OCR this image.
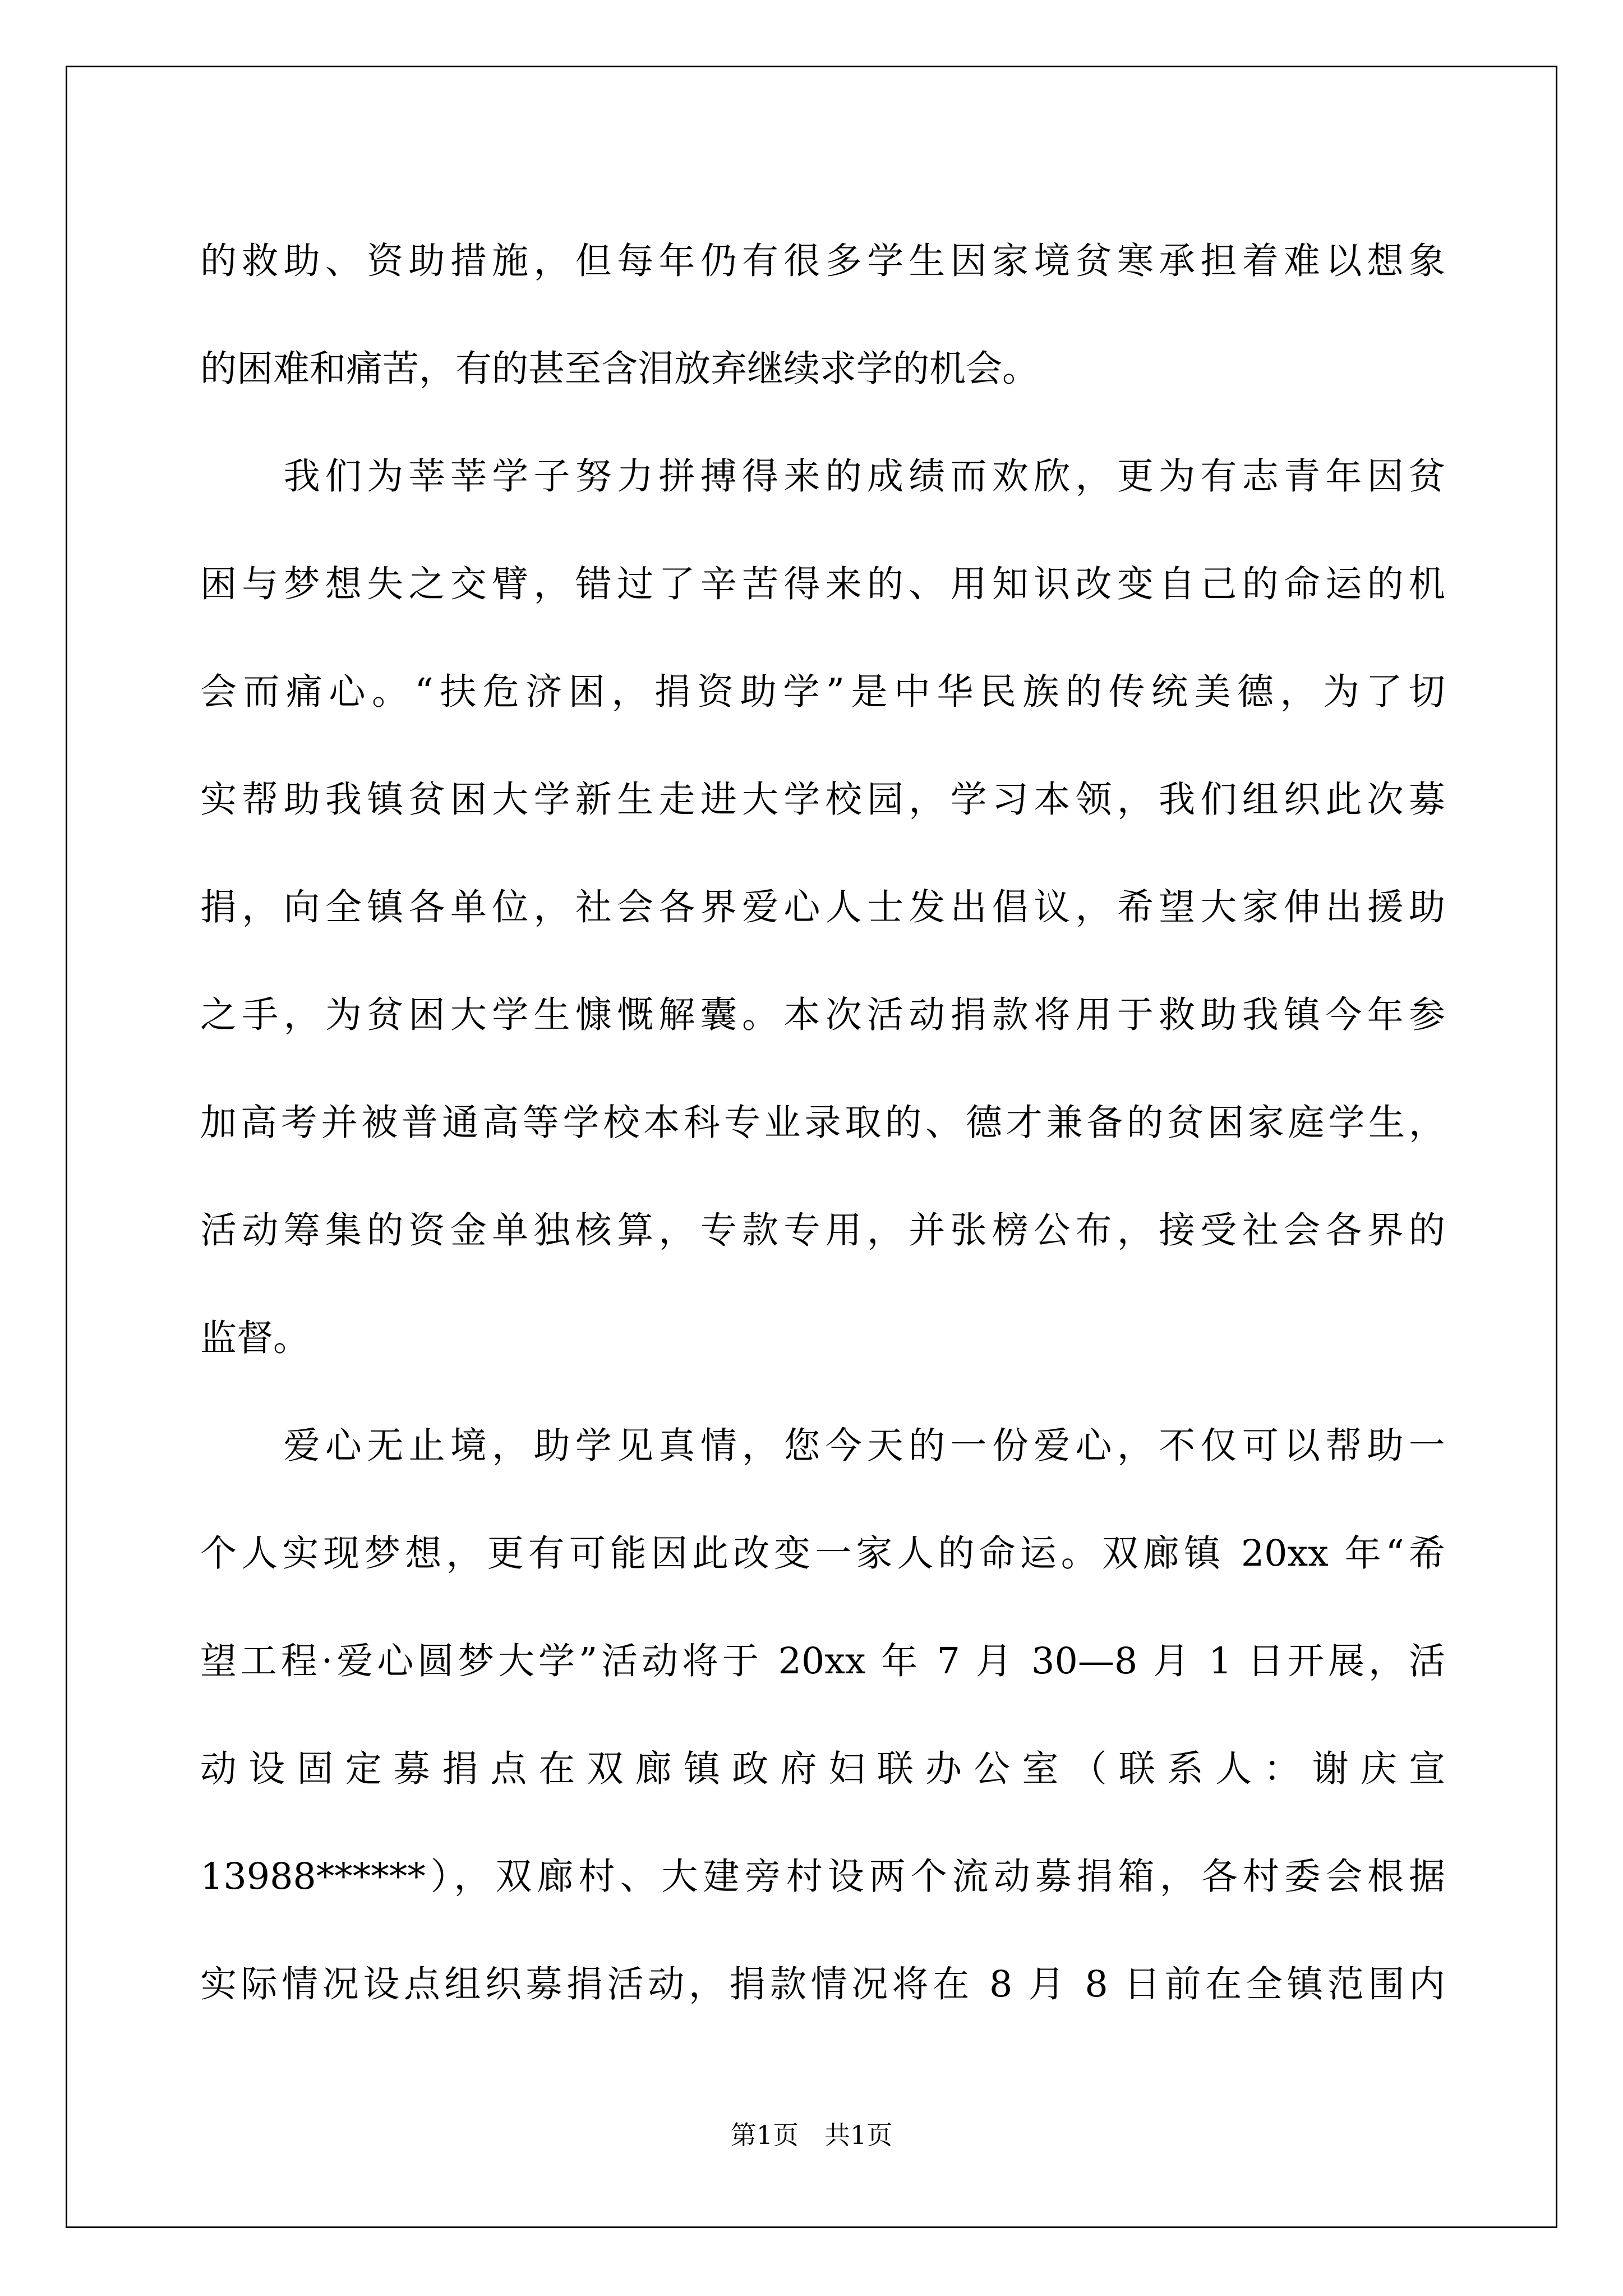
的救助、资助措施，但每年仍有很多学生因家境贫寒承担着难以想象
的困难和痛苦，有的甚至含泪放弃继续求学的机会。
　　我们为莘莘学子努力拼搏得来的成绩而欢欣，更为有志青年因贫
困与梦想失之交臂，错过了辛苦得来的、用知识改变自己的命运的机
会而痛心。“扶危济困，捐资助学”是中华民族的传统美德，为了切
实帮助我镇贫困大学新生走进大学校园，学习本领，我们组织此次募
捐，向全镇各单位，社会各界爱心人士发出倡议，希望大家伸出援助
之手，为贫困大学生慷慨解囊。本次活动捐款将用于救助我镇今年参
加高考并被普通高等学校本科专业录取的、德才兼备的贫困家庭学生，
活动筹集的资金单独核算，专款专用，并张榜公布，接受社会各界的
监督。
　　爱心无止境，助学见真情，您今天的一份爱心，不仅可以帮助一
个人实现梦想，更有可能因此改变一家人的命运。双廊镇 20xx 年“希
望工程·爱心圆梦大学”活动将于 20xx 年 7 月 30—8 月 1 日开展，活
动设固定募捐点在双廊镇政府妇联办公室（联系人：谢庆宣
13988******），双廊村、大建旁村设两个流动募捐箱，各村委会根据
实际情况设点组织募捐活动，捐款情况将在 8 月 8 日前在全镇范围内
第1页　共1页
